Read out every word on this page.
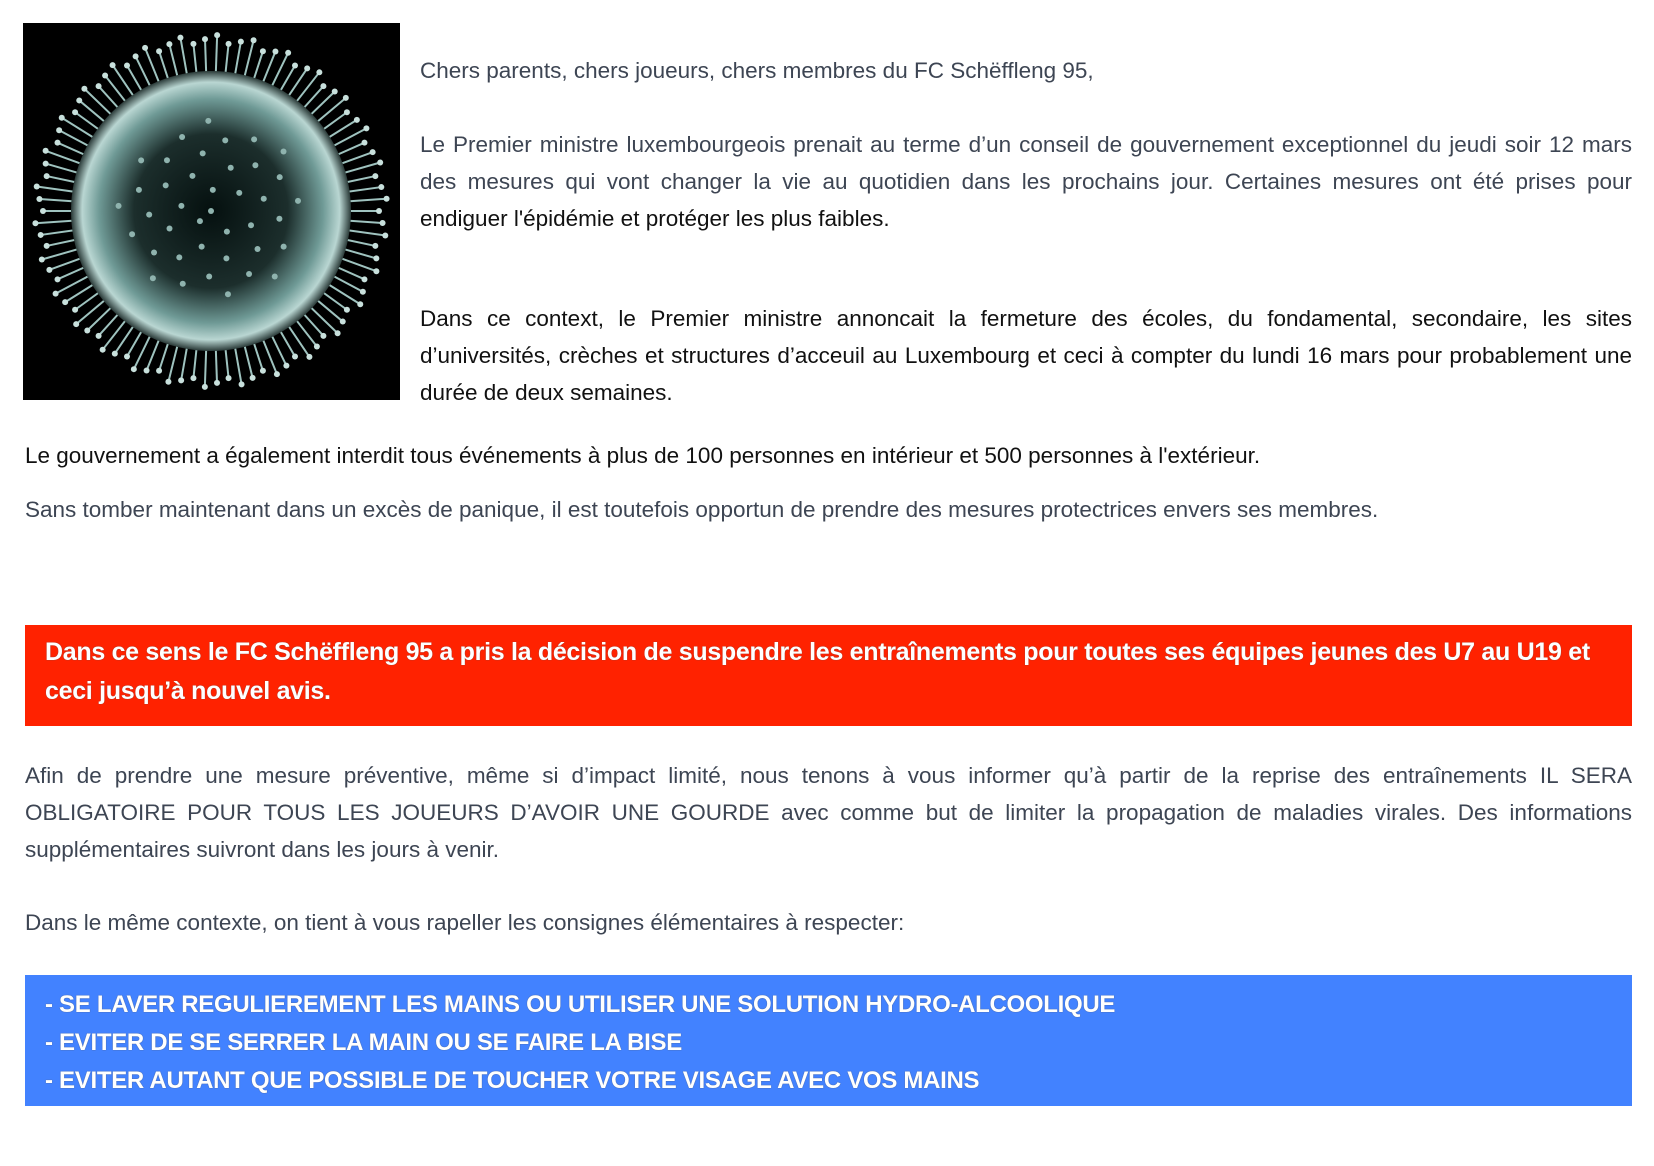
Chers parents, chers joueurs, chers membres du FC Schëffleng 95,
Le Premier ministre luxembourgeois prenait au terme d’un conseil de gouvernement exceptionnel du jeudi soir 12 mars des mesures qui vont changer la vie au quotidien dans les prochains jour. Certaines mesures ont été prises pour endiguer l'épidémie et protéger les plus faibles.
Dans ce context, le Premier ministre annoncait la fermeture des écoles, du fondamental, secondaire, les sites d’universités, crèches et structures d’acceuil au Luxembourg et ceci à compter du lundi 16 mars pour probablement une durée de deux semaines.
Le gouvernement a également interdit tous événements à plus de 100 personnes en intérieur et 500 personnes à l'extérieur.
Sans tomber maintenant dans un excès de panique, il est toutefois opportun de prendre des mesures protectrices envers ses membres.
Dans ce sens le FC Schëffleng 95 a pris la décision de suspendre les entraînements pour toutes ses équipes jeunes des U7 au U19 et ceci jusqu’à nouvel avis.
Afin de prendre une mesure préventive, même si d’impact limité, nous tenons à vous informer qu’à partir de la reprise des entraînements IL SERA OBLIGATOIRE POUR TOUS LES JOUEURS D’AVOIR UNE GOURDE avec comme but de limiter la propagation de maladies virales. Des informations supplémentaires suivront dans les jours à venir.
Dans le même contexte, on tient à vous rapeller les consignes élémentaires à respecter:
- SE LAVER REGULIEREMENT LES MAINS OU UTILISER UNE SOLUTION HYDRO-ALCOOLIQUE
- EVITER DE SE SERRER LA MAIN OU SE FAIRE LA BISE
- EVITER AUTANT QUE POSSIBLE DE TOUCHER VOTRE VISAGE AVEC VOS MAINS
